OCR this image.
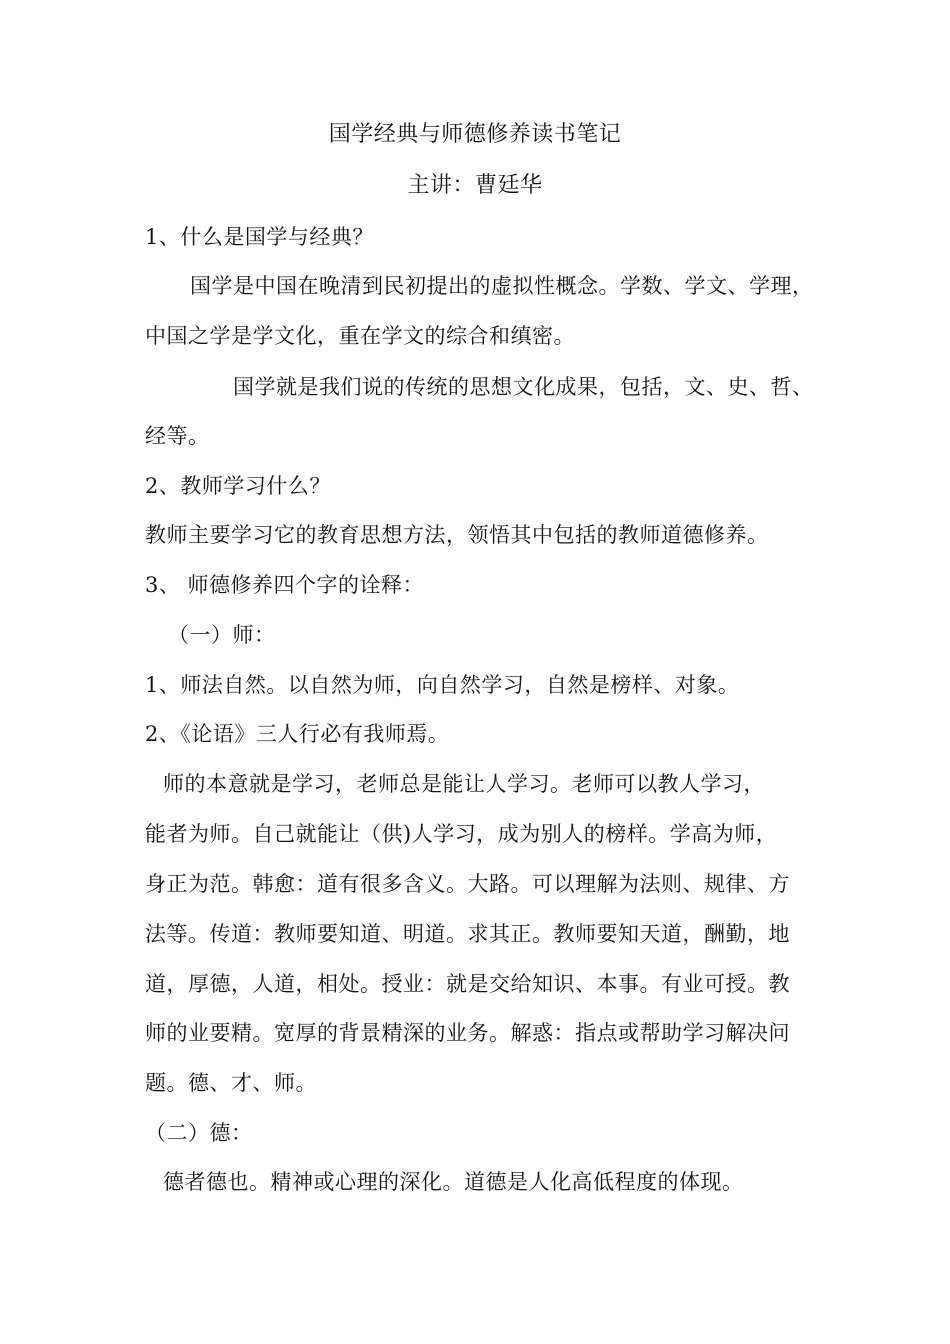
国学经典与师德修养读书笔记
主讲：曹廷华
1、什么是国学与经典？
国学是中国在晚清到民初提出的虚拟性概念。学数、学文、学理，
中国之学是学文化，重在学文的综合和缜密。
国学就是我们说的传统的思想文化成果，包括，文、史、哲、
经等。
2、教师学习什么？
教师主要学习它的教育思想方法，领悟其中包括的教师道德修养。
3、 师德修养四个字的诠释：
（一）师：
1、师法自然。以自然为师，向自然学习，自然是榜样、对象。
2、《论语》三人行必有我师焉。
师的本意就是学习，老师总是能让人学习。老师可以教人学习，
能者为师。自己就能让（供)人学习，成为别人的榜样。学高为师，
身正为范。韩愈：道有很多含义。大路。可以理解为法则、规律、方
法等。传道：教师要知道、明道。求其正。教师要知天道，酬勤，地
道，厚德，人道，相处。授业：就是交给知识、本事。有业可授。教
师的业要精。宽厚的背景精深的业务。解惑：指点或帮助学习解决问
题。德、才、师。
（二）德：
德者德也。精神或心理的深化。道德是人化高低程度的体现。
